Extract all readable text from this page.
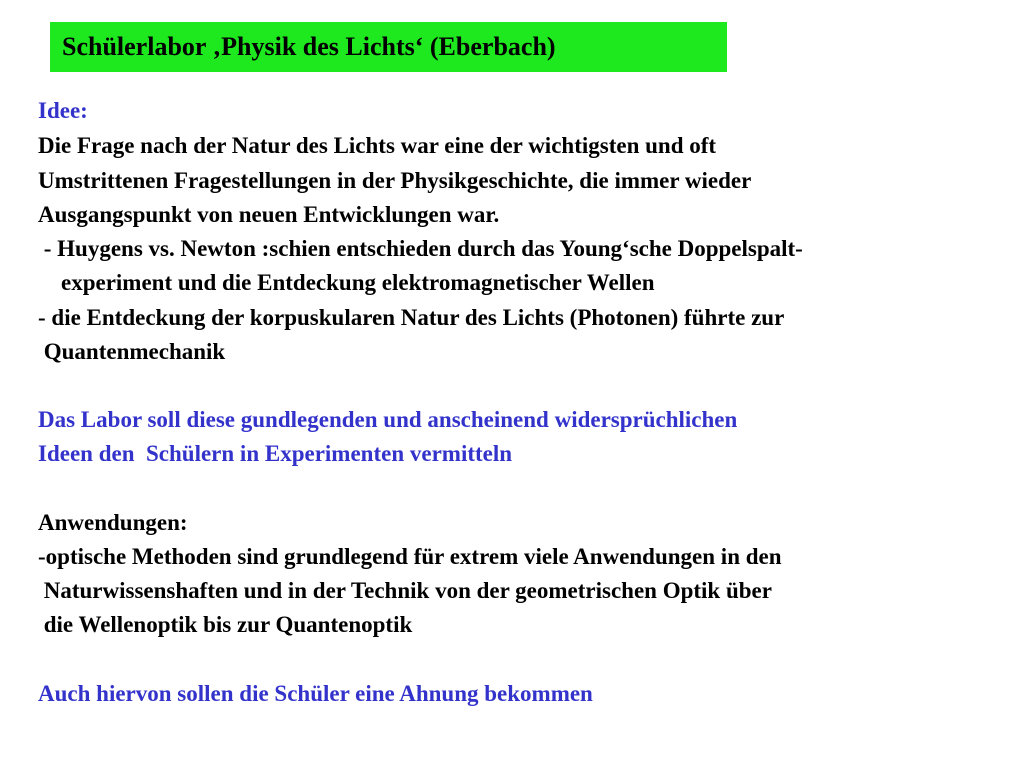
Schülerlabor ‚Physik des Lichts‘ (Eberbach)
Idee:
Die Frage nach der Natur des Lichts war eine der wichtigsten und oft
Umstrittenen Fragestellungen in der Physikgeschichte, die immer wieder
Ausgangspunkt von neuen Entwicklungen war.
- Huygens vs. Newton :schien entschieden durch das Young‘sche Doppelspalt-
experiment und die Entdeckung elektromagnetischer Wellen
- die Entdeckung der korpuskularen Natur des Lichts (Photonen) führte zur
Quantenmechanik
Das Labor soll diese gundlegenden und anscheinend widersprüchlichen
Ideen den  Schülern in Experimenten vermitteln
Anwendungen:
-optische Methoden sind grundlegend für extrem viele Anwendungen in den
Naturwissenshaften und in der Technik von der geometrischen Optik über
die Wellenoptik bis zur Quantenoptik
Auch hiervon sollen die Schüler eine Ahnung bekommen
